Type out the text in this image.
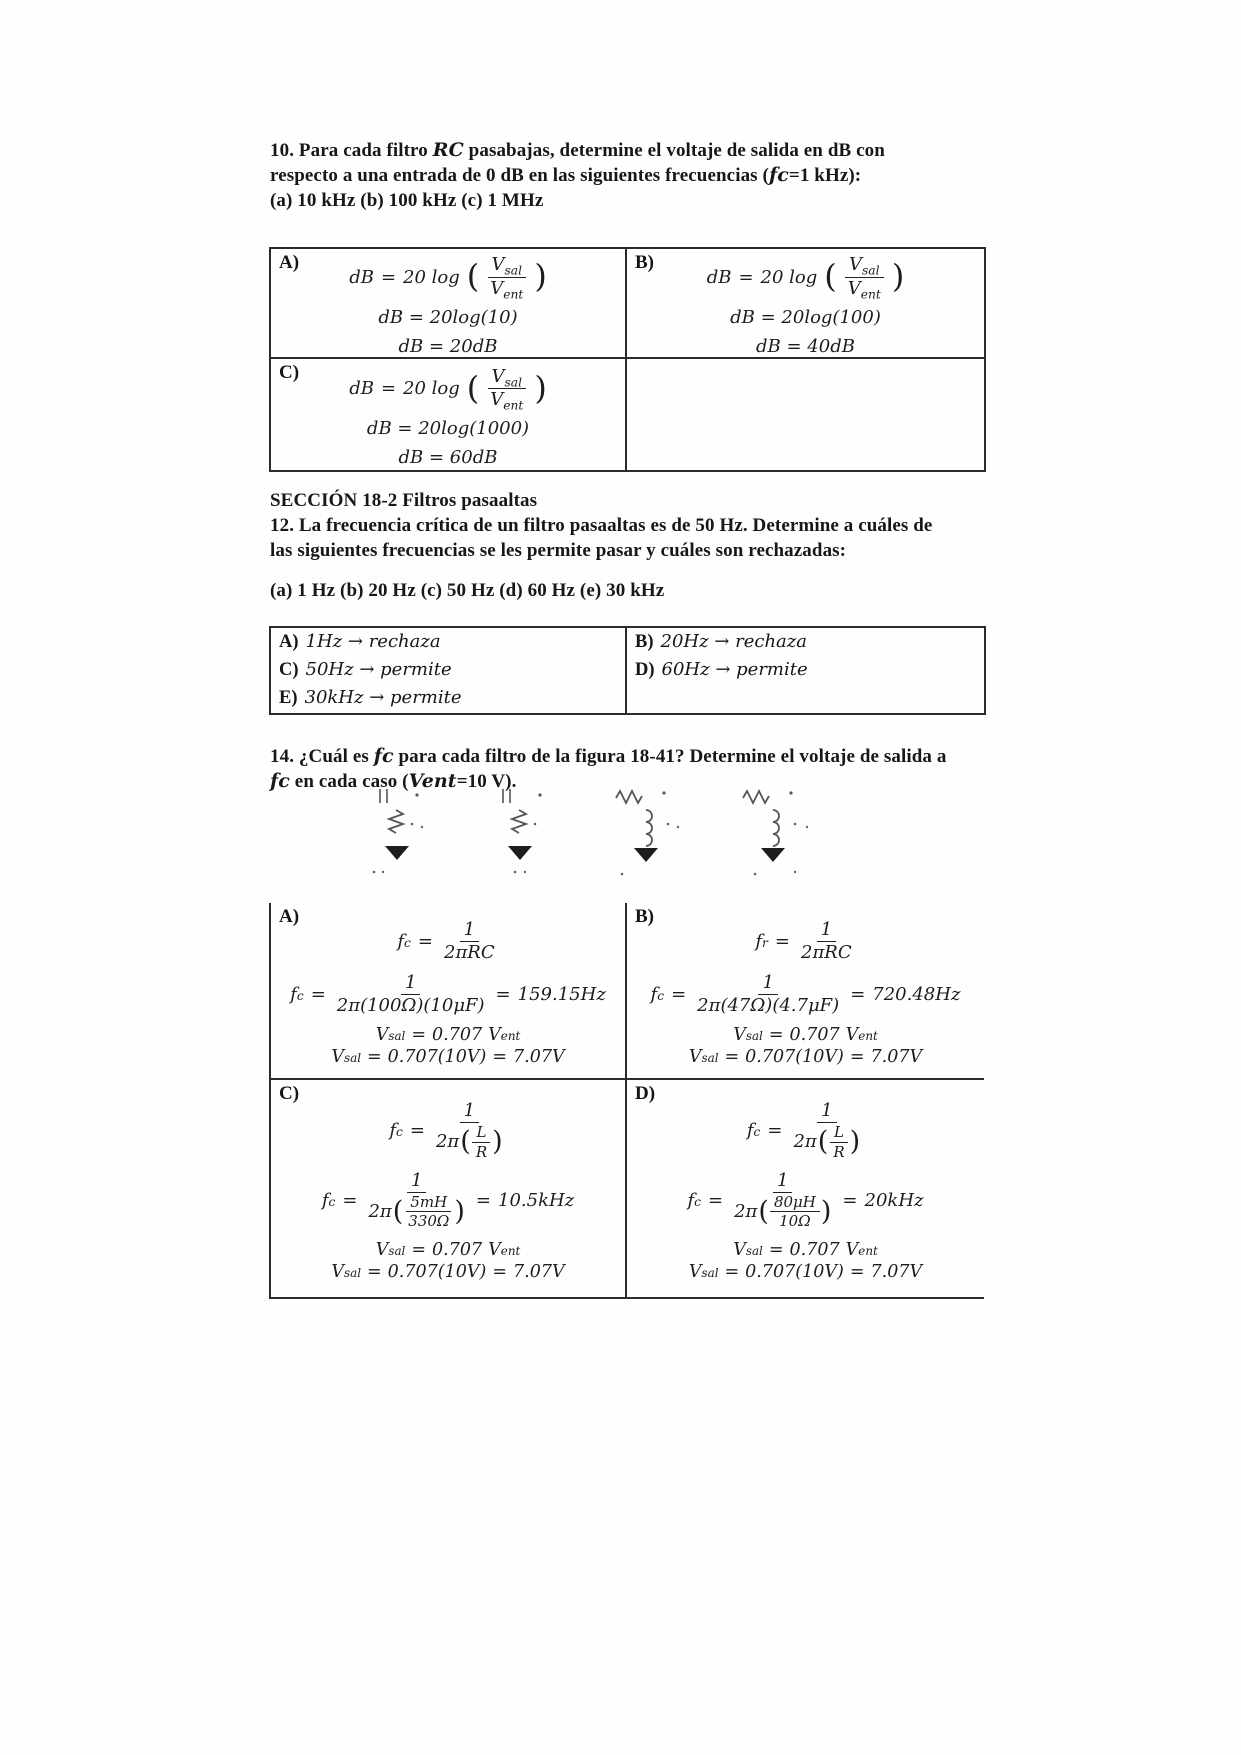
10. Para cada filtro RC pasabajas, determine el voltaje de salida en dB con
respecto a una entrada de 0 dB en las siguientes frecuencias (fc=1 kHz):
(a) 10 kHz (b) 100 kHz (c) 1 MHz
A)
dB = 20 log ( $\frac{V_{sal}}{V_{ent}}$ )
dB = 20log(10)
dB = 20dB
B)
dB = 20 log ( $\frac{V_{sal}}{V_{ent}}$ )
dB = 20log(100)
dB = 40dB
C)
dB = 20 log ( $\frac{V_{sal}}{V_{ent}}$ )
dB = 20log(1000)
dB = 60dB
SECCIÓN 18-2 Filtros pasaaltas
12. La frecuencia crítica de un filtro pasaaltas es de 50 Hz. Determine a cuáles de
las siguientes frecuencias se les permite pasar y cuáles son rechazadas:
(a) 1 Hz (b) 20 Hz (c) 50 Hz (d) 60 Hz (e) 30 kHz
A) 1Hz → rechaza
C) 50Hz → permite
E) 30kHz → permite
B) 20Hz → rechaza
D) 60Hz → permite
14. ¿Cuál es fc para cada filtro de la figura 18-41? Determine el voltaje de salida a
fc en cada caso (Vent=10 V).
A)
f $c = \frac{1}{\text{2πRC}}$
f $c = \frac{1}{2\pi(100\Omega)(10\mu F)} = 159.15Hz$
V sal = 0.707 V ent
V sal = 0.707(10V) = 7.07V
B)
f $r = \frac{1}{\text{2πRC}}$
f $c = \frac{1}{2\pi(47\Omega)(4.7\mu F)} = 720.48Hz$
V sal = 0.707 V ent
V sal = 0.707(10V) = 7.07V
C)
f c =
1
2π ( $\frac{L}{R}$ )
f c =
1
2π ( $\frac{5mH}{330\Omega}$ ) = 10.5kHz
V sal = 0.707 V ent
V sal = 0.707(10V) = 7.07V
D)
f c =
1
2π ( $\frac{L}{R}$ )
f c =
1
2π ( $\frac{80\mu H}{10\Omega}$ ) = 20kHz
V sal = 0.707 V ent
V sal = 0.707(10V) = 7.07V
